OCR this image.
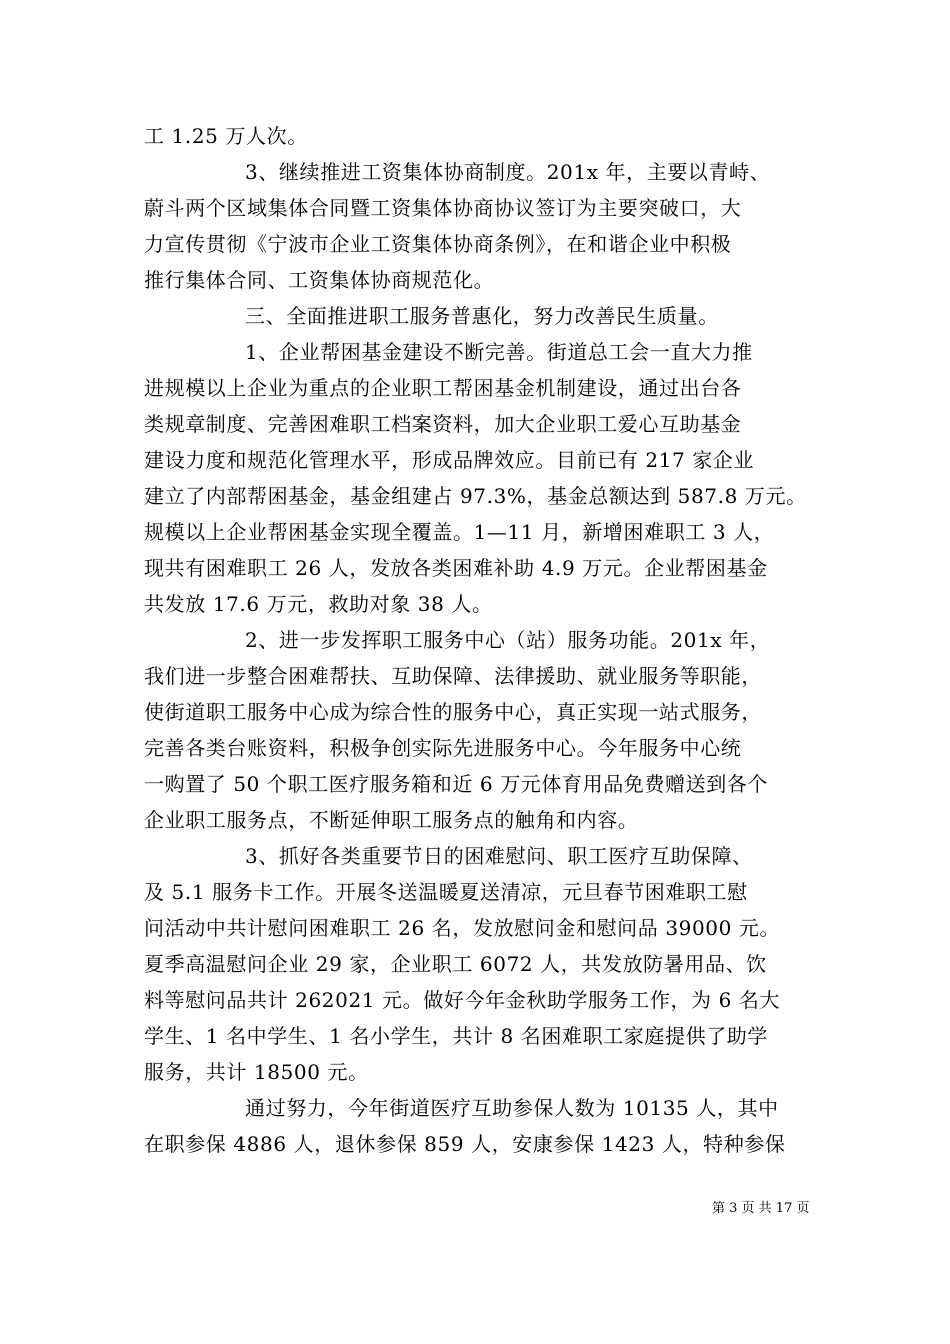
工 1.25 万人次。
3、继续推进工资集体协商制度。201x 年，主要以青峙、
蔚斗两个区域集体合同暨工资集体协商协议签订为主要突破口，大
力宣传贯彻《宁波市企业工资集体协商条例》，在和谐企业中积极
推行集体合同、工资集体协商规范化。
三、全面推进职工服务普惠化，努力改善民生质量。
1、企业帮困基金建设不断完善。街道总工会一直大力推
进规模以上企业为重点的企业职工帮困基金机制建设，通过出台各
类规章制度、完善困难职工档案资料，加大企业职工爱心互助基金
建设力度和规范化管理水平，形成品牌效应。目前已有 217 家企业
建立了内部帮困基金，基金组建占 97.3%，基金总额达到 587.8 万元。
规模以上企业帮困基金实现全覆盖。1—11 月，新增困难职工 3 人，
现共有困难职工 26 人，发放各类困难补助 4.9 万元。企业帮困基金
共发放 17.6 万元，救助对象 38 人。
2、进一步发挥职工服务中心（站）服务功能。201x 年，
我们进一步整合困难帮扶、互助保障、法律援助、就业服务等职能，
使街道职工服务中心成为综合性的服务中心，真正实现一站式服务，
完善各类台账资料，积极争创实际先进服务中心。今年服务中心统
一购置了 50 个职工医疗服务箱和近 6 万元体育用品免费赠送到各个
企业职工服务点，不断延伸职工服务点的触角和内容。
3、抓好各类重要节日的困难慰问、职工医疗互助保障、
及 5.1 服务卡工作。开展冬送温暖夏送清凉，元旦春节困难职工慰
问活动中共计慰问困难职工 26 名，发放慰问金和慰问品 39000 元。
夏季高温慰问企业 29 家，企业职工 6072 人，共发放防暑用品、饮
料等慰问品共计 262021 元。做好今年金秋助学服务工作，为 6 名大
学生、1 名中学生、1 名小学生，共计 8 名困难职工家庭提供了助学
服务，共计 18500 元。
通过努力，今年街道医疗互助参保人数为 10135 人，其中
在职参保 4886 人，退休参保 859 人，安康参保 1423 人，特种参保
第 3 页 共 17 页
